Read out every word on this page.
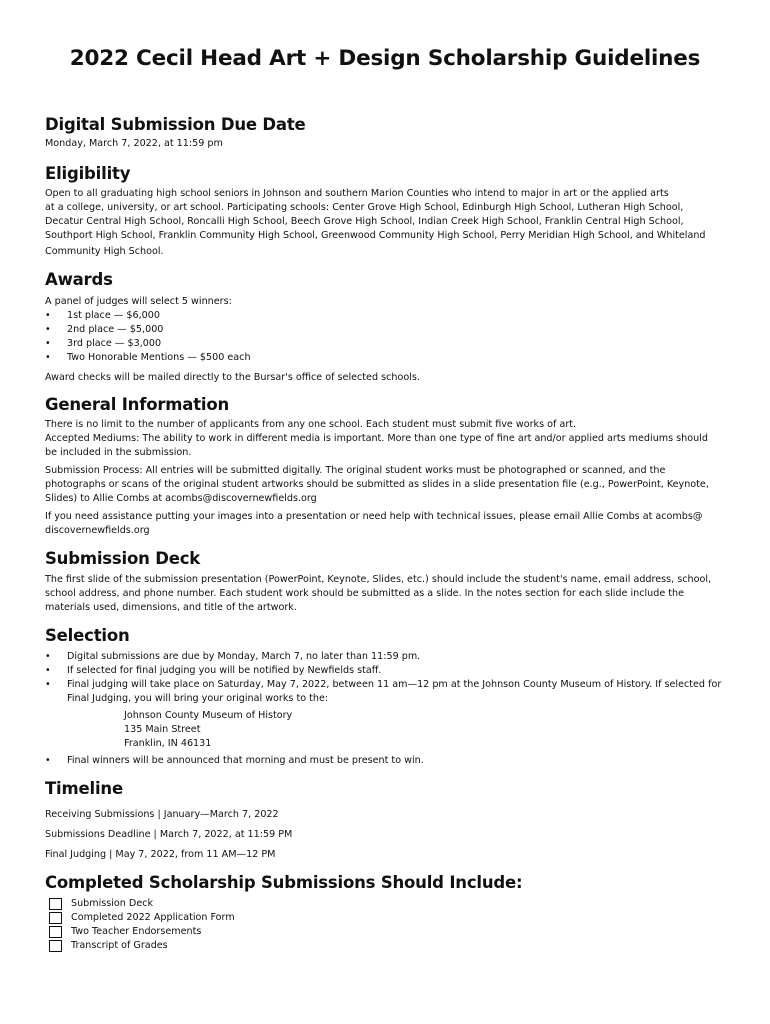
2022 Cecil Head Art + Design Scholarship Guidelines
Digital Submission Due Date

Monday, March 7, 2022, at 11:59 pm

Eligibility

Open to all graduating high school seniors in Johnson and southern Marion Counties who intend to major in art or the applied arts

at a college, university, or art school. Participating schools: Center Grove High School, Edinburgh High School, Lutheran High School,

Decatur Central High School, Roncalli High School, Beech Grove High School, Indian Creek High School, Franklin Central High School,

Southport High School, Franklin Community High School, Greenwood Community High School, Perry Meridian High School, and Whiteland

Community High School.

Awards

A panel of judges will select 5 winners:

• 1st place — $6,000
• 2nd place — $5,000
• 3rd place — $3,000
• Two Honorable Mentions — $500 each

Award checks will be mailed directly to the Bursar's office of selected schools.

General Information

There is no limit to the number of applicants from any one school. Each student must submit five works of art.

Accepted Mediums: The ability to work in different media is important. More than one type of fine art and/or applied arts mediums should

be included in the submission.

Submission Process: All entries will be submitted digitally. The original student works must be photographed or scanned, and the

photographs or scans of the original student artworks should be submitted as slides in a slide presentation file (e.g., PowerPoint, Keynote,

Slides) to Allie Combs at acombs@discovernewfields.org

If you need assistance putting your images into a presentation or need help with technical issues, please email Allie Combs at acombs@

discovernewfields.org

Submission Deck

The first slide of the submission presentation (PowerPoint, Keynote, Slides, etc.) should include the student's name, email address, school,

school address, and phone number. Each student work should be submitted as a slide. In the notes section for each slide include the

materials used, dimensions, and title of the artwork.

Selection
• Digital submissions are due by Monday, March 7, no later than 11:59 pm.
• If selected for final judging you will be notified by Newfields staff.
• Final judging will take place on Saturday, May 7, 2022, between 11 am—12 pm at the Johnson County Museum of History. If selected for
Final Judging, you will bring your original works to the:
Johnson County Museum of History
135 Main Street
Franklin, IN 46131
• Final winners will be announced that morning and must be present to win.
Timeline

Receiving Submissions | January—March 7, 2022

Submissions Deadline | March 7, 2022, at 11:59 PM

Final Judging | May 7, 2022, from 11 AM—12 PM

Completed Scholarship Submissions Should Include:
Submission Deck
Completed 2022 Application Form
Two Teacher Endorsements
Transcript of Grades
